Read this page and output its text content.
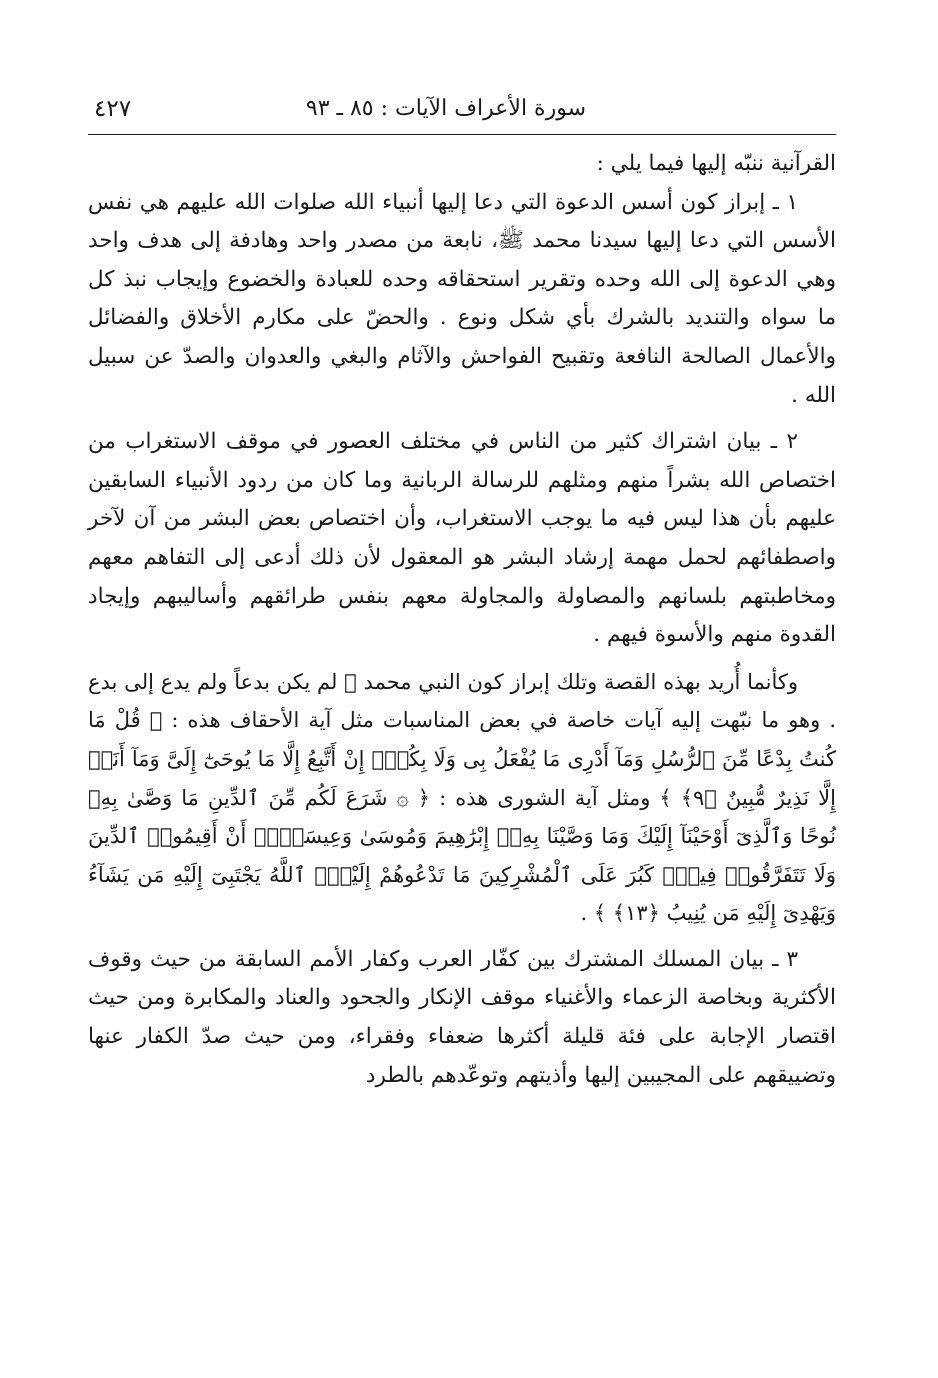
سورة الأعراف الآيات : ٨٥ ـ ٩٣
٤٢٧

القرآنية ننبّه إليها فيما يلي :

١ ـ إبراز كون أسس الدعوة التي دعا إليها أنبياء الله صلوات الله عليهم هي نفس الأسس التي دعا إليها سيدنا محمد ﷺ، نابعة من مصدر واحد وهادفة إلى هدف واحد وهي الدعوة إلى الله وحده وتقرير استحقاقه وحده للعبادة والخضوع وإيجاب نبذ كل ما سواه والتنديد بالشرك بأي شكل ونوع . والحضّ على مكارم الأخلاق والفضائل والأعمال الصالحة النافعة وتقبيح الفواحش والآثام والبغي والعدوان والصدّ عن سبيل الله .

٢ ـ بيان اشتراك كثير من الناس في مختلف العصور في موقف الاستغراب من اختصاص الله بشراً منهم ومثلهم للرسالة الربانية وما كان من ردود الأنبياء السابقين عليهم بأن هذا ليس فيه ما يوجب الاستغراب، وأن اختصاص بعض البشر من آن لآخر واصطفائهم لحمل مهمة إرشاد البشر هو المعقول لأن ذلك أدعى إلى التفاهم معهم ومخاطبتهم بلسانهم والمصاولة والمجاولة معهم بنفس طرائقهم وأساليبهم وإيجاد القدوة منهم والأسوة فيهم .

وكأنما أُريد بهذه القصة وتلك إبراز كون النبي محمد ﷺ لم يكن بدعاً ولم يدع إلى بدع . وهو ما نبّهت إليه آيات خاصة في بعض المناسبات مثل آية الأحقاف هذه : ﴿ قُلْ مَا كُنتُ بِدْعًا مِّنَ ٱلرُّسُلِ وَمَآ أَدْرِى مَا يُفْعَلُ بِى وَلَا بِكُمْۖ إِنْ أَتَّبِعُ إِلَّا مَا يُوحَىٰٓ إِلَىَّ وَمَآ أَنَا۠ إِلَّا نَذِيرٌ مُّبِينٌ ﴿٩﴾ ﴾ ومثل آية الشورى هذه : ﴿ ۞ شَرَعَ لَكُم مِّنَ ٱلدِّينِ مَا وَصَّىٰ بِهِۦ نُوحًا وَٱلَّذِىٓ أَوْحَيْنَآ إِلَيْكَ وَمَا وَصَّيْنَا بِهِۦٓ إِبْرَٰهِيمَ وَمُوسَىٰ وَعِيسَىٰٓۖ أَنْ أَقِيمُوا۟ ٱلدِّينَ وَلَا تَتَفَرَّقُوا۟ فِيهِۚ كَبُرَ عَلَى ٱلْمُشْرِكِينَ مَا تَدْعُوهُمْ إِلَيْهِۚ ٱللَّهُ يَجْتَبِىٓ إِلَيْهِ مَن يَشَآءُ وَيَهْدِىٓ إِلَيْهِ مَن يُنِيبُ ﴿١٣﴾ ﴾ .

٣ ـ بيان المسلك المشترك بين كفّار العرب وكفار الأمم السابقة من حيث وقوف الأكثرية وبخاصة الزعماء والأغنياء موقف الإنكار والجحود والعناد والمكابرة ومن حيث اقتصار الإجابة على فئة قليلة أكثرها ضعفاء وفقراء، ومن حيث صدّ الكفار عنها وتضييقهم على المجيبين إليها وأذيتهم وتوعّدهم بالطرد
